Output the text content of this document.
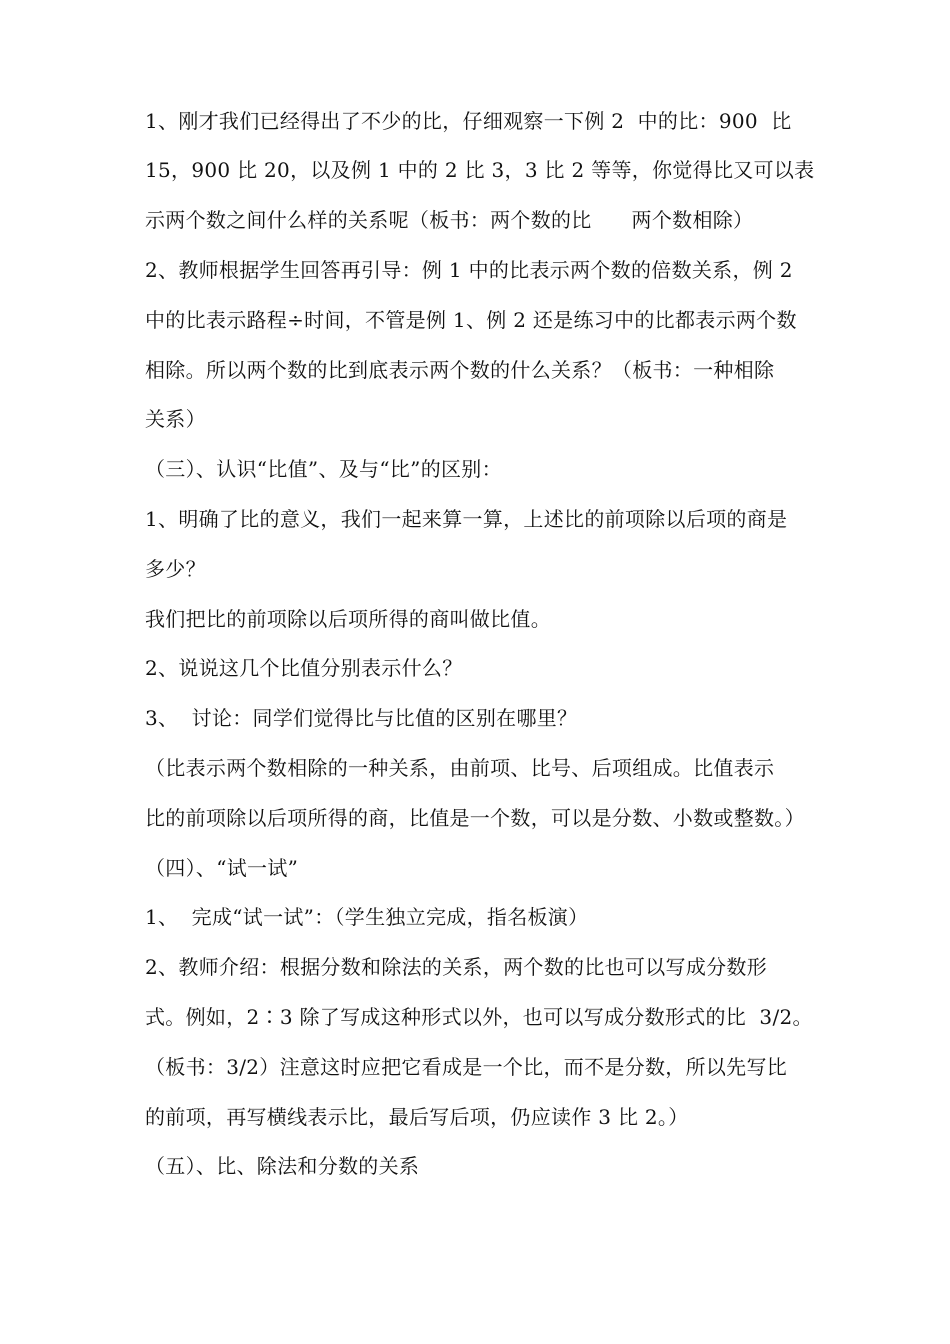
1、刚才我们已经得出了不少的比，仔细观察一下例 2  中的比：900  比
15，900 比 20，以及例 1 中的 2 比 3，3 比 2 等等，你觉得比又可以表
示两个数之间什么样的关系呢（板书：两个数的比      两个数相除）
2、教师根据学生回答再引导：例 1 中的比表示两个数的倍数关系，例 2
中的比表示路程÷时间，不管是例 1、例 2 还是练习中的比都表示两个数
相除。所以两个数的比到底表示两个数的什么关系？（板书：一种相除
关系）
（三）、认识“比值”、及与“比”的区别：
1、明确了比的意义，我们一起来算一算，上述比的前项除以后项的商是
多少？
我们把比的前项除以后项所得的商叫做比值。
2、说说这几个比值分别表示什么？
3、  讨论：同学们觉得比与比值的区别在哪里？
（比表示两个数相除的一种关系，由前项、比号、后项组成。比值表示
比的前项除以后项所得的商，比值是一个数，可以是分数、小数或整数。）
（四）、“试一试”
1、  完成“试一试”：（学生独立完成，指名板演）
2、教师介绍：根据分数和除法的关系，两个数的比也可以写成分数形
式。例如，2∶3 除了写成这种形式以外，也可以写成分数形式的比  3/2。
（板书：3/2）注意这时应把它看成是一个比，而不是分数，所以先写比
的前项，再写横线表示比，最后写后项，仍应读作 3 比 2。）
（五）、比、除法和分数的关系
